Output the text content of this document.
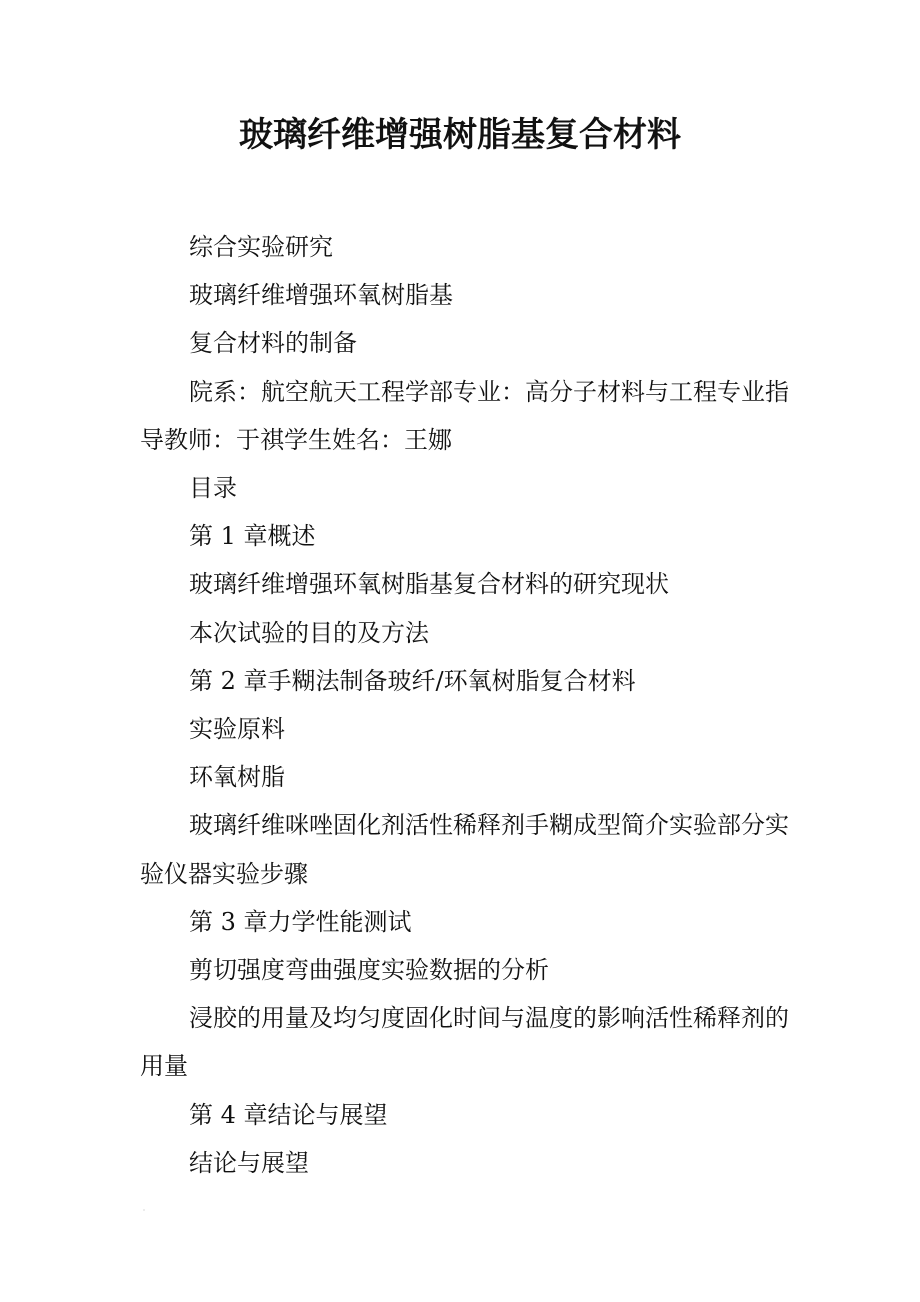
玻璃纤维增强树脂基复合材料

综合实验研究

玻璃纤维增强环氧树脂基

复合材料的制备

院系：航空航天工程学部专业：高分子材料与工程专业指导教师：于祺学生姓名：王娜

目录

第 1 章概述

玻璃纤维增强环氧树脂基复合材料的研究现状

本次试验的目的及方法

第 2 章手糊法制备玻纤/环氧树脂复合材料

实验原料

环氧树脂

玻璃纤维咪唑固化剂活性稀释剂手糊成型简介实验部分实验仪器实验步骤

第 3 章力学性能测试

剪切强度弯曲强度实验数据的分析

浸胶的用量及均匀度固化时间与温度的影响活性稀释剂的用量

第 4 章结论与展望

结论与展望
